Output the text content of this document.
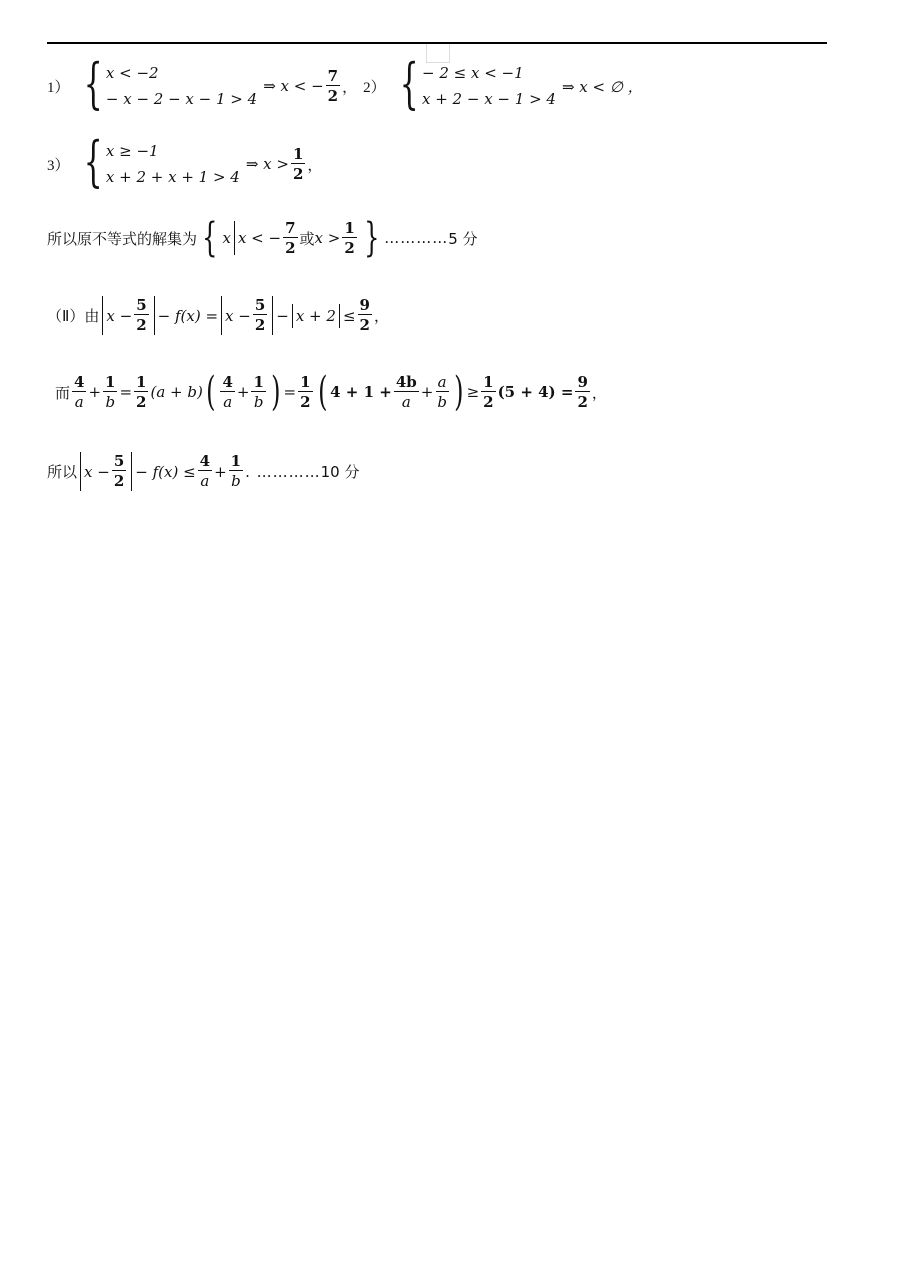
1） { x < −2
− x − 2 − x − 1 > 4
⇒ x < − $\frac{7}{2}$ ， 2） { − 2 ≤ x < −1
x + 2 − x − 1 > 4
⇒ x < ∅ ，
3） { x ≥ −1
x + 2 + x + 1 > 4
⇒ $x > \frac{1}{2}$ ，
所以原不等式的解集为 { x x < − $\frac{7}{2}$ 或 $x > \frac{1}{2}$ } ………… 5 分
（Ⅱ）由 $x - \frac{5}{2} - f(x) = x - \frac{5}{2} - x + 2 \le \frac{9}{2}$ ，
而 $\frac{4}{a} + \frac{1}{b} = \frac{1}{2} (a + b)$ ( $\frac{4}{a} + \frac{1}{b}$ ) = $\frac{1}{2}$ ( $4 + 1 + \frac{4b}{a} + \frac{a}{b}$ ) ≥ $\frac{1}{2} (5 + 4) = \frac{9}{2}$ ，
所以 $x - \frac{5}{2} - f(x) \le \frac{4}{a} + \frac{1}{b}$ . ………… 10 分
